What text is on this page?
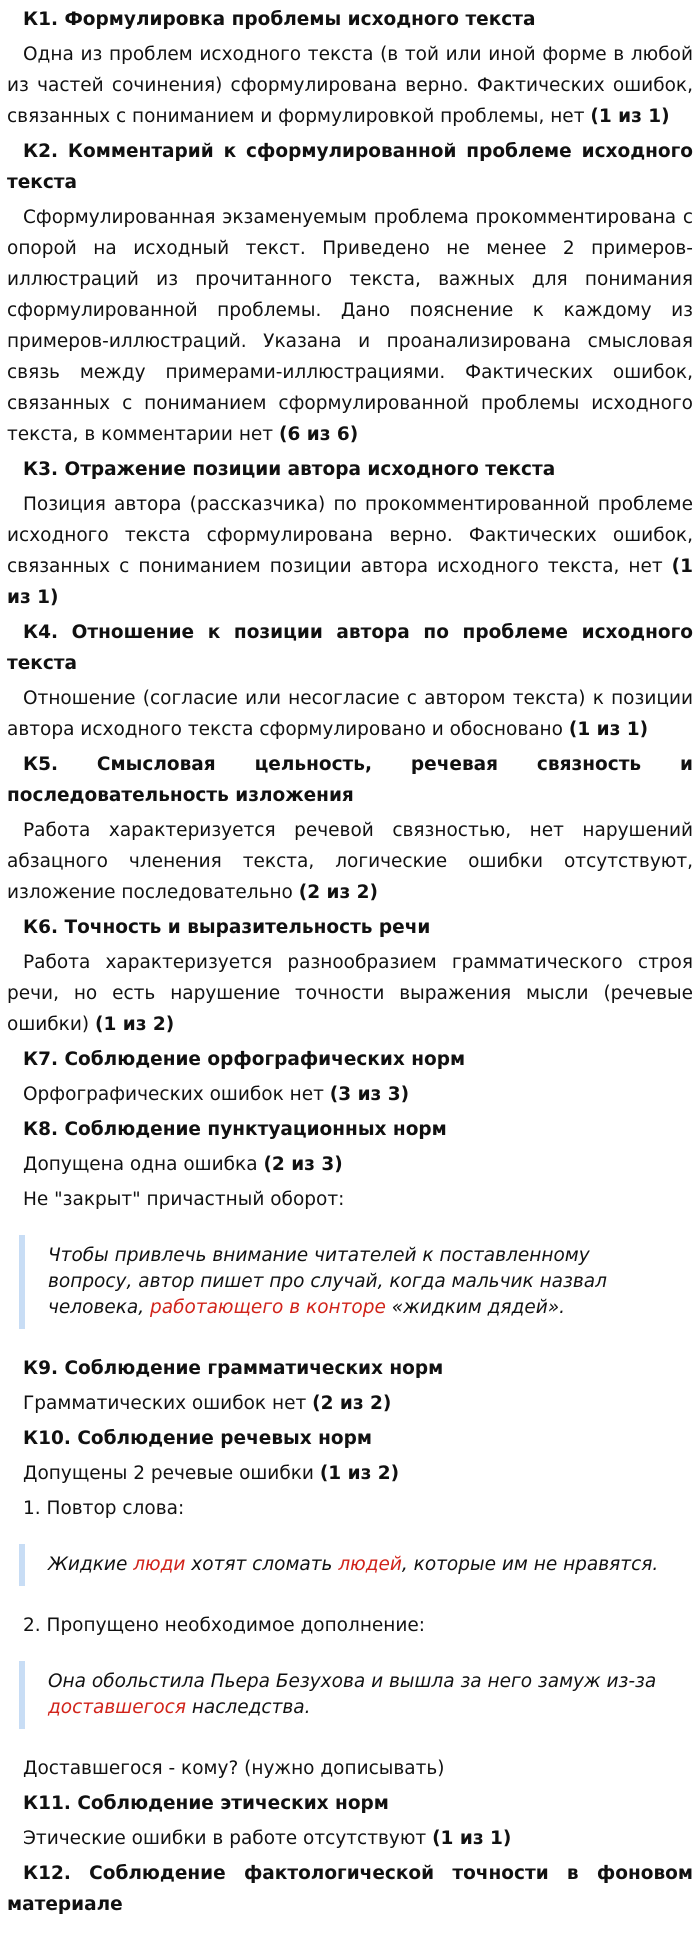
К1. Формулировка проблемы исходного текста
Одна из проблем исходного текста (в той или иной форме в любой из частей сочинения) сформулирована верно. Фактических ошибок, связанных с пониманием и формулировкой проблемы, нет (1 из 1)
К2. Комментарий к сформулированной проблеме исходного текста
Сформулированная экзаменуемым проблема прокомментирована с опорой на исходный текст. Приведено не менее 2 примеров-иллюстраций из прочитанного текста, важных для понимания сформулированной проблемы. Дано пояснение к каждому из примеров-иллюстраций. Указана и проанализирована смысловая связь между примерами-иллюстрациями. Фактических ошибок, связанных с пониманием сформулированной проблемы исходного текста, в комментарии нет (6 из 6)
К3. Отражение позиции автора исходного текста
Позиция автора (рассказчика) по прокомментированной проблеме исходного текста сформулирована верно. Фактических ошибок, связанных с пониманием позиции автора исходного текста, нет (1 из 1)
К4. Отношение к позиции автора по проблеме исходного текста
Отношение (согласие или несогласие с автором текста) к позиции автора исходного текста сформулировано и обосновано (1 из 1)
К5. Смысловая цельность, речевая связность и последовательность изложения
Работа характеризуется речевой связностью, нет нарушений абзацного членения текста, логические ошибки отсутствуют, изложение последовательно (2 из 2)
К6. Точность и выразительность речи
Работа характеризуется разнообразием грамматического строя речи, но есть нарушение точности выражения мысли (речевые ошибки) (1 из 2)
К7. Соблюдение орфографических норм
Орфографических ошибок нет (3 из 3)
К8. Соблюдение пунктуационных норм
Допущена одна ошибка (2 из 3)
Не "закрыт" причастный оборот:
Чтобы привлечь внимание читателей к поставленному вопросу, автор пишет про случай, когда мальчик назвал человека, работающего в конторе «жидким дядей».
К9. Соблюдение грамматических норм
Грамматических ошибок нет (2 из 2)
К10. Соблюдение речевых норм
Допущены 2 речевые ошибки (1 из 2)
1. Повтор слова:
Жидкие люди хотят сломать людей, которые им не нравятся.
2. Пропущено необходимое дополнение:
Она обольстила Пьера Безухова и вышла за него замуж из-за доставшегося наследства.
Доставшегося - кому? (нужно дописывать)
К11. Соблюдение этических норм
Этические ошибки в работе отсутствуют (1 из 1)
К12. Соблюдение фактологической точности в фоновом материале
